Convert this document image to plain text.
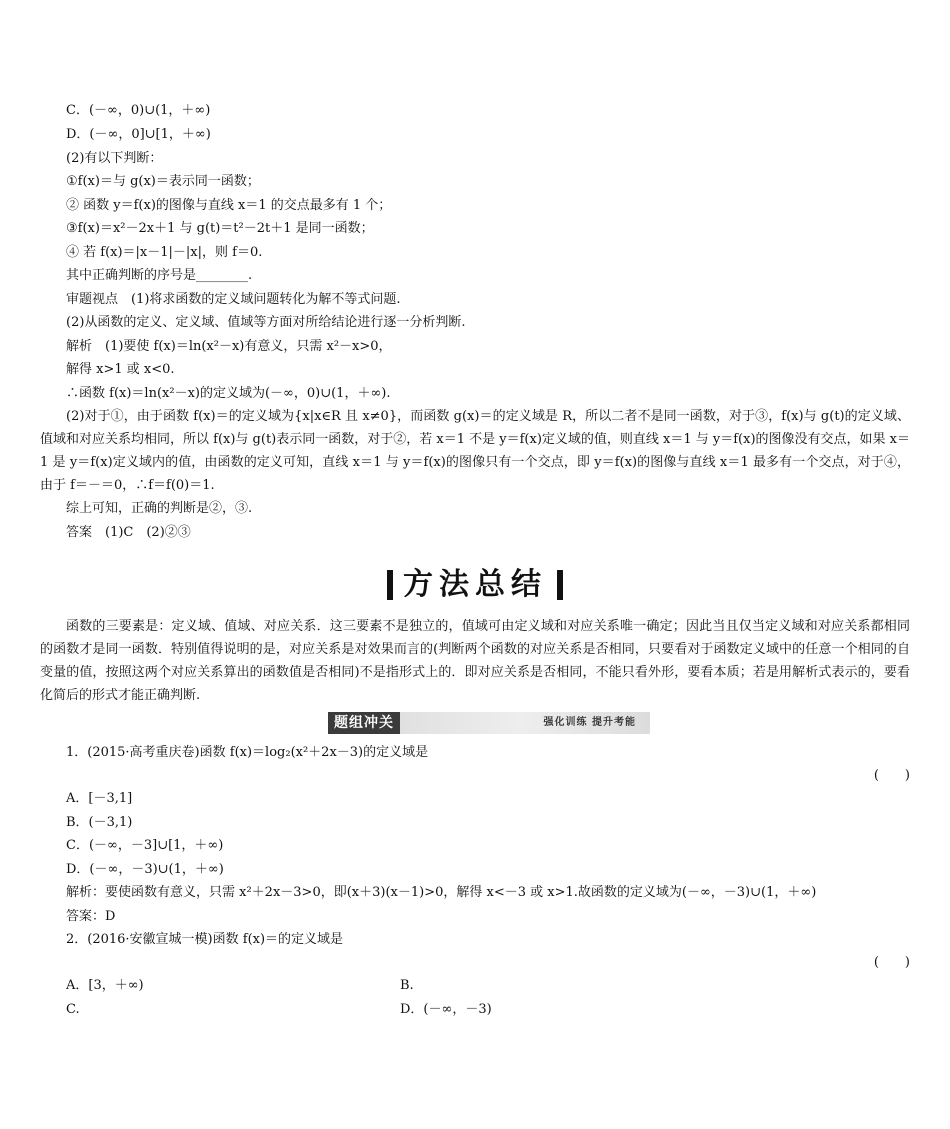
C．(－∞，0)∪(1，＋∞)
D．(－∞，0]∪[1，＋∞)
(2)有以下判断：
①f(x)＝与 g(x)＝表示同一函数；
② 函数 y＝f(x)的图像与直线 x＝1 的交点最多有 1 个；
③f(x)＝x²－2x＋1 与 g(t)＝t²－2t＋1 是同一函数；
④ 若 f(x)＝|x－1|－|x|，则 f＝0.
其中正确判断的序号是________.
审题视点　(1)将求函数的定义域问题转化为解不等式问题.
(2)从函数的定义、定义域、值域等方面对所给结论进行逐一分析判断.
解析　(1)要使 f(x)＝ln(x²－x)有意义，只需 x²－x>0，
解得 x>1 或 x<0.
∴函数 f(x)＝ln(x²－x)的定义域为(－∞，0)∪(1，＋∞).
(2)对于①，由于函数 f(x)＝的定义域为{x|x∈R 且 x≠0}，而函数 g(x)＝的定义域是 R，所以二者不是同一函数，对于③，f(x)与 g(t)的定义域、值域和对应关系均相同，所以 f(x)与 g(t)表示同一函数，对于②，若 x＝1 不是 y＝f(x)定义域的值，则直线 x＝1 与 y＝f(x)的图像没有交点，如果 x＝1 是 y＝f(x)定义域内的值，由函数的定义可知，直线 x＝1 与 y＝f(x)的图像只有一个交点，即 y＝f(x)的图像与直线 x＝1 最多有一个交点，对于④，由于 f＝－＝0，∴f＝f(0)＝1.
综上可知，正确的判断是②，③.
答案　(1)C　(2)②③
方法总结
函数的三要素是：定义域、值域、对应关系．这三要素不是独立的，值域可由定义域和对应关系唯一确定；因此当且仅当定义域和对应关系都相同的函数才是同一函数．特别值得说明的是，对应关系是对效果而言的(判断两个函数的对应关系是否相同，只要看对于函数定义域中的任意一个相同的自变量的值，按照这两个对应关系算出的函数值是否相同)不是指形式上的．即对应关系是否相同，不能只看外形，要看本质；若是用解析式表示的，要看化简后的形式才能正确判断.
题组冲关	强化训练 提升考能
1．(2015·高考重庆卷)函数 f(x)＝log₂(x²＋2x－3)的定义域是
(　　)
A．[－3,1]
B．(－3,1)
C．(－∞，－3]∪[1，＋∞)
D．(－∞，－3)∪(1，＋∞)
解析：要使函数有意义，只需 x²＋2x－3>0，即(x＋3)(x－1)>0，解得 x<－3 或 x>1.故函数的定义域为(－∞，－3)∪(1，＋∞)
答案：D
2．(2016·安徽宣城一模)函数 f(x)＝的定义域是
(　　)
A．[3，＋∞)	B.
C.	D．(－∞，－3)
